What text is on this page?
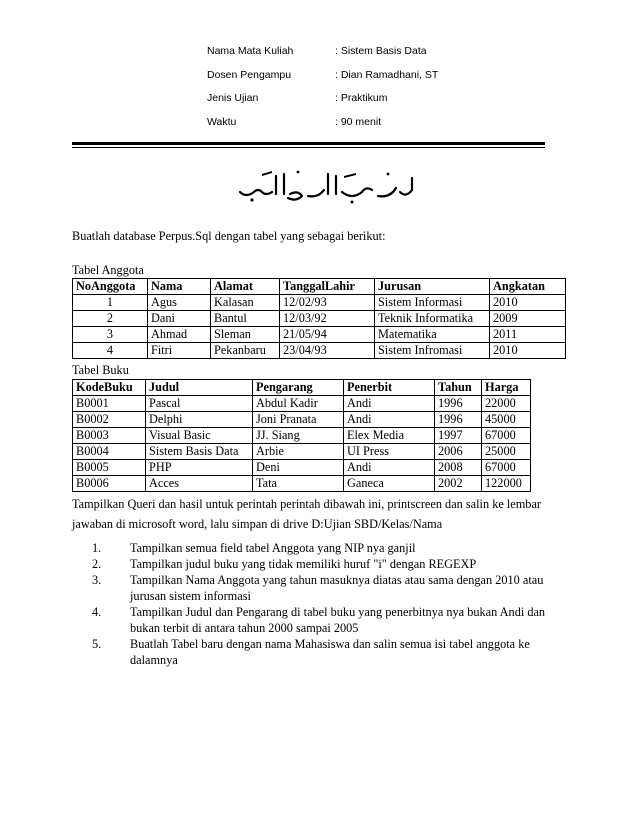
Nama Mata Kuliah	: Sistem Basis Data
Dosen Pengampu	: Dian Ramadhani, ST
Jenis Ujian	: Praktikum
Waktu	: 90 menit
Buatlah database Perpus.Sql dengan tabel yang sebagai berikut:
Tabel Anggota
NoAnggota	Nama	Alamat	TanggalLahir	Jurusan	Angkatan
1	Agus	Kalasan	12/02/93	Sistem Informasi	2010
2	Dani	Bantul	12/03/92	Teknik Informatika	2009
3	Ahmad	Sleman	21/05/94	Matematika	2011
4	Fitri	Pekanbaru	23/04/93	Sistem Infromasi	2010
Tabel Buku
KodeBuku	Judul	Pengarang	Penerbit	Tahun	Harga
B0001	Pascal	Abdul Kadir	Andi	1996	22000
B0002	Delphi	Joni Pranata	Andi	1996	45000
B0003	Visual Basic	JJ. Siang	Elex Media	1997	67000
B0004	Sistem Basis Data	Arbie	UI Press	2006	25000
B0005	PHP	Deni	Andi	2008	67000
B0006	Acces	Tata	Ganeca	2002	122000
Tampilkan Queri dan hasil untuk perintah perintah dibawah ini, printscreen dan salin ke lembar jawaban di microsoft word, lalu simpan di drive D:Ujian SBD/Kelas/Nama
1.	Tampilkan semua field tabel Anggota yang NIP nya ganjil
2.	Tampilkan judul buku yang tidak memiliki huruf "i" dengan REGEXP
3.	Tampilkan Nama Anggota yang tahun masuknya diatas atau sama dengan 2010 atau jurusan sistem informasi
4.	Tampilkan Judul dan Pengarang di tabel buku yang penerbitnya nya bukan Andi dan bukan terbit di antara tahun 2000 sampai 2005
5.	Buatlah Tabel baru dengan nama Mahasiswa dan salin semua isi tabel anggota ke dalamnya
